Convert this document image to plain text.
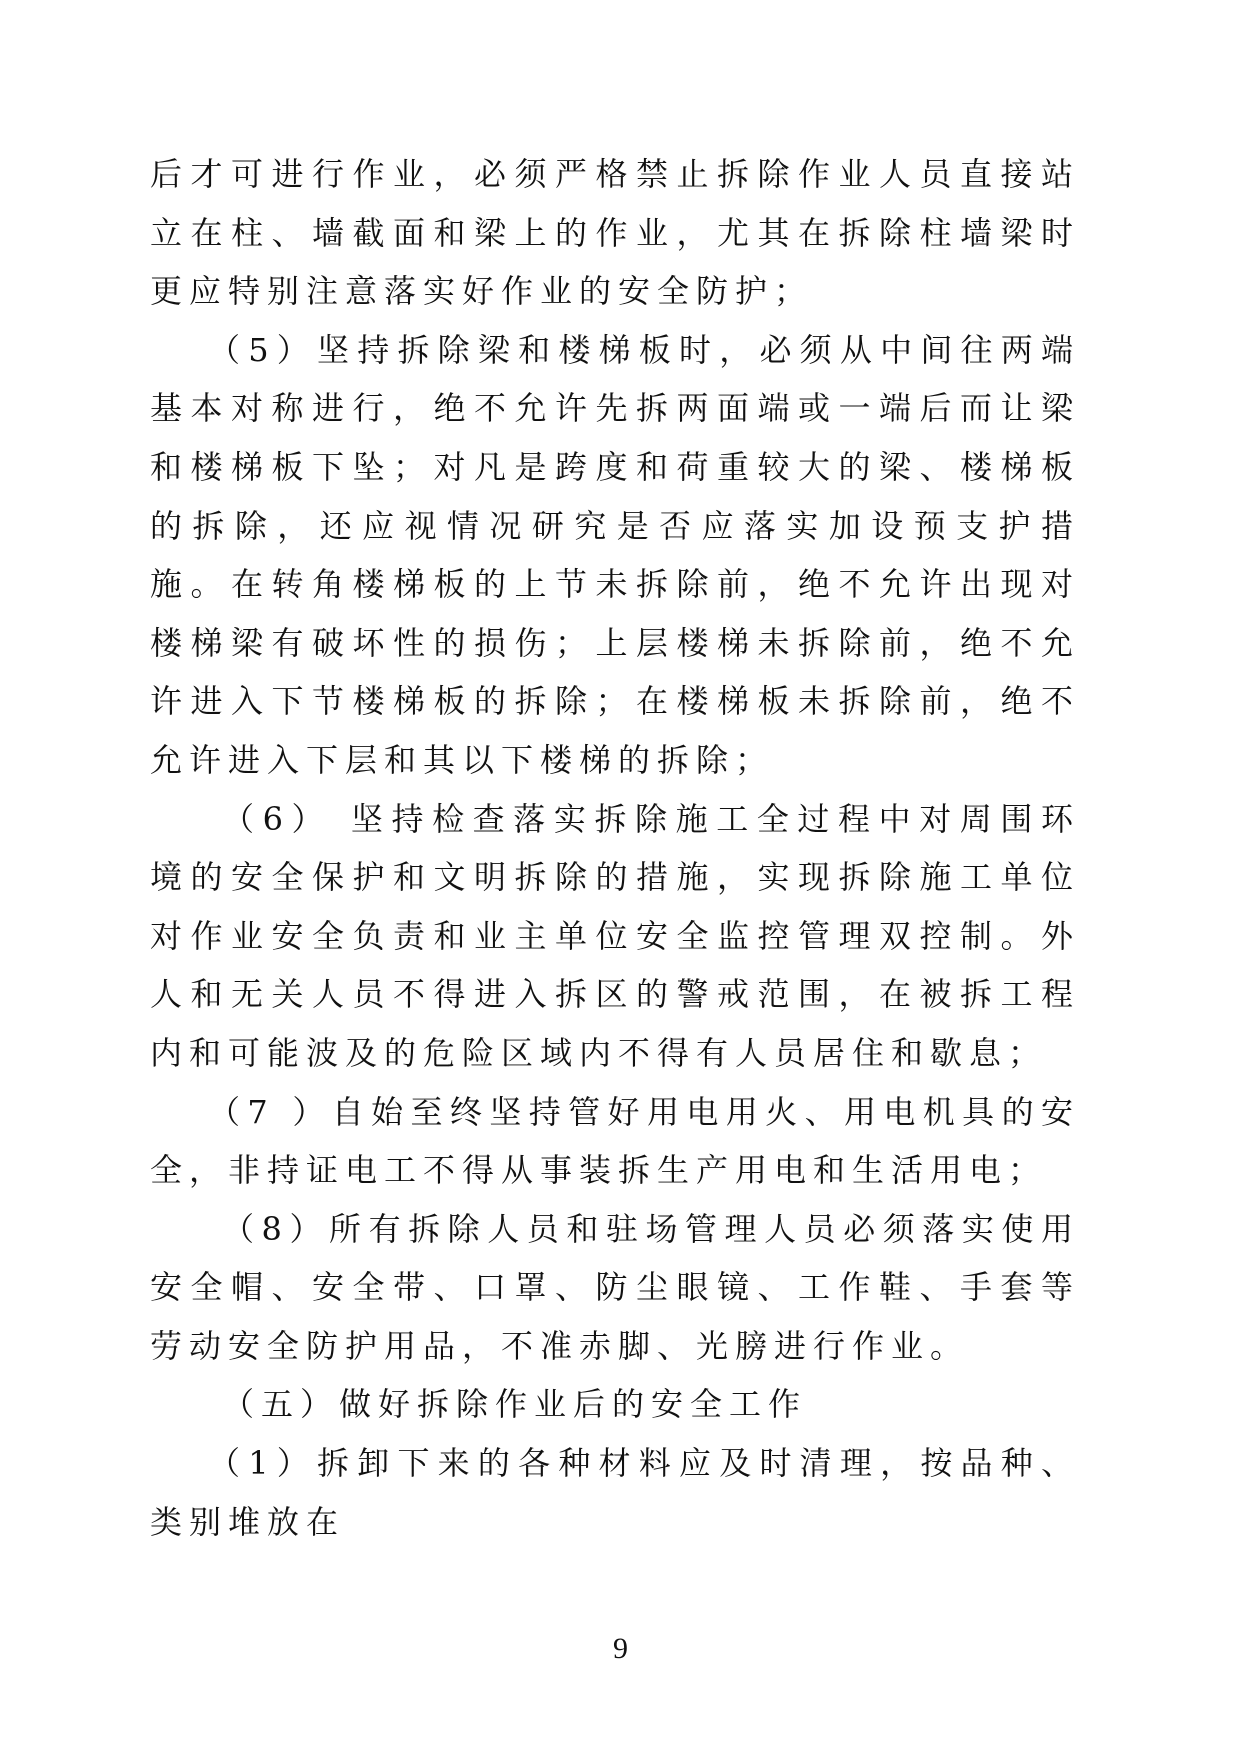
后才可进行作业，必须严格禁止拆除作业人员直接站立在柱、墙截面和梁上的作业，尤其在拆除柱墙梁时更应特别注意落实好作业的安全防护；

（5）坚持拆除梁和楼梯板时，必须从中间往两端基本对称进行，绝不允许先拆两面端或一端后而让梁和楼梯板下坠；对凡是跨度和荷重较大的梁、楼梯板的拆除，还应视情况研究是否应落实加设预支护措施。在转角楼梯板的上节未拆除前，绝不允许出现对楼梯梁有破坏性的损伤；上层楼梯未拆除前，绝不允许进入下节楼梯板的拆除；在楼梯板未拆除前，绝不允许进入下层和其以下楼梯的拆除；

（6） 坚持检查落实拆除施工全过程中对周围环境的安全保护和文明拆除的措施，实现拆除施工单位对作业安全负责和业主单位安全监控管理双控制。外人和无关人员不得进入拆区的警戒范围，在被拆工程内和可能波及的危险区域内不得有人员居住和歇息；

（7 ）自始至终坚持管好用电用火、用电机具的安全，非持证电工不得从事装拆生产用电和生活用电；

（8）所有拆除人员和驻场管理人员必须落实使用安全帽、安全带、口罩、防尘眼镜、工作鞋、手套等劳动安全防护用品，不准赤脚、光膀进行作业。

（五）做好拆除作业后的安全工作

（1）拆卸下来的各种材料应及时清理，按品种、类别堆放在

9
